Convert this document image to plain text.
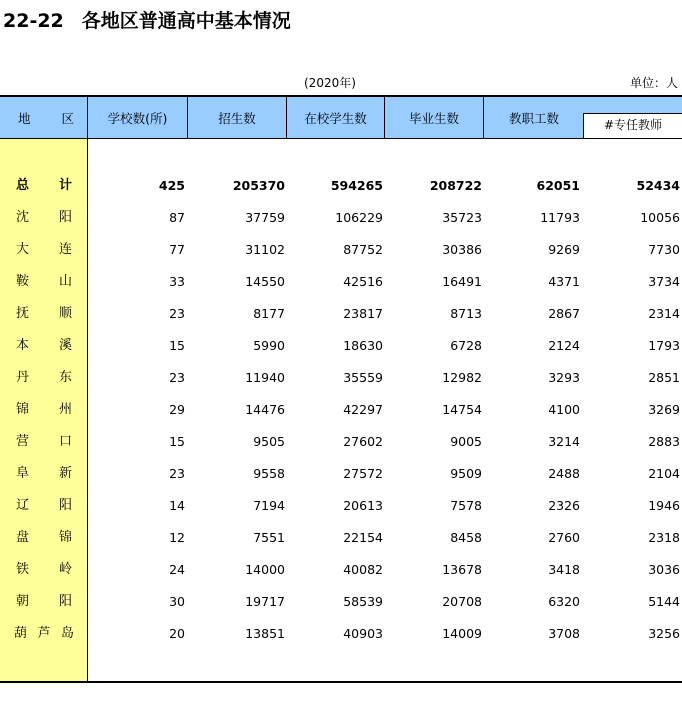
22-22 各地区普通高中基本情况
(2020年)	单位：人
地 区	学校数(所)	招生数	在校学生数	毕业生数	教职工数	#专任教师
总 计	425	205370	594265	208722	62051	52434
沈 阳	87	37759	106229	35723	11793	10056
大 连	77	31102	87752	30386	9269	7730
鞍 山	33	14550	42516	16491	4371	3734
抚 顺	23	8177	23817	8713	2867	2314
本 溪	15	5990	18630	6728	2124	1793
丹 东	23	11940	35559	12982	3293	2851
锦 州	29	14476	42297	14754	4100	3269
营 口	15	9505	27602	9005	3214	2883
阜 新	23	9558	27572	9509	2488	2104
辽 阳	14	7194	20613	7578	2326	1946
盘 锦	12	7551	22154	8458	2760	2318
铁 岭	24	14000	40082	13678	3418	3036
朝 阳	30	19717	58539	20708	6320	5144
葫 芦 岛	20	13851	40903	14009	3708	3256
